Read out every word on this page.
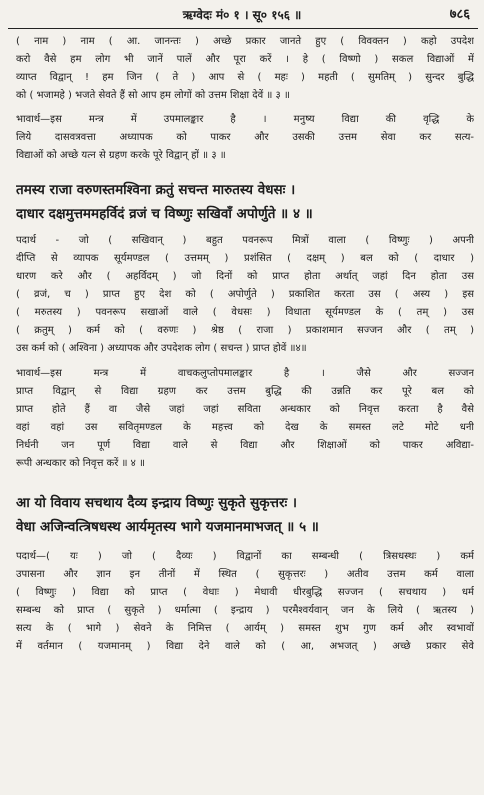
ऋग्वेदः मं० १ । सू० १५६ ॥	७८६
( नाम ) नाम ( आ. जानन्तः ) अच्छे प्रकार जानते हुए ( विवक्तन ) कहो उपदेश
करो वैसे हम लोग भी जानें पालें और पूरा करें । हे ( विष्णो ) सकल विद्याओं में
व्याप्त विद्वान् ! हम जिन ( ते ) आप से ( महः ) महती ( सुमतिम् ) सुन्दर बुद्धि
को ( भजामहे ) भजते सेवते हैं सो आप हम लोगों को उत्तम शिक्षा देवें ॥ ३ ॥
भावार्थ—इस मन्त्र में उपमालङ्कार है । मनुष्य विद्या की वृद्धि के
लिये दासवत्रवत्ता अध्यापक को पाकर और उसकी उत्तम सेवा कर सत्य-
विद्याओं को अच्छे यत्न से ग्रहण करके पूरे विद्वान् हों ॥ ३ ॥
तमस्य राजा वरुणस्तमश्विना क्रतुं सचन्त मारुतस्य वेधसः ।
दाधार दक्षमुत्तममहर्विदं व्रजं च विष्णुः सखिवाँ अपोर्णुते ॥ ४ ॥
पदार्थ - जो ( सखिवान् ) बहुत पवनरूप मित्रों वाला ( विष्णुः ) अपनी
दीप्ति से व्यापक सूर्यमण्डल ( उत्तमम् ) प्रशंसित ( दक्षम् ) बल को ( दाधार )
धारण करे और ( अहर्विदम् ) जो दिनों को प्राप्त होता अर्थात् जहां दिन होता उस
( व्रजं, च ) प्राप्त हुए देश को ( अपोर्णुते ) प्रकाशित करता उस ( अस्य ) इस
( मरुतस्य ) पवनरूप सखाओं वाले ( वेधसः ) विधाता सूर्यमण्डल के ( तम् ) उस
( क्रतुम् ) कर्म को ( वरुणः ) श्रेष्ठ ( राजा ) प्रकाशमान सज्जन और ( तम् )
उस कर्म को ( अश्विना ) अध्यापक और उपदेशक लोग ( सचन्त ) प्राप्त होवें ॥४॥
भावार्थ—इस मन्त्र में वाचकलुप्तोपमालङ्कार है । जैसे और सज्जन
प्राप्त विद्वान् से विद्या ग्रहण कर उत्तम बुद्धि की उन्नति कर पूरे बल को
प्राप्त होते हैं वा जैसे जहां जहां सविता अन्धकार को निवृत्त करता है वैसे
वहां वहां उस सवितृमण्डल के महत्त्व को देख के समस्त लटे मोटे धनी
निर्धनी जन पूर्ण विद्या वाले से विद्या और शिक्षाओं को पाकर अविद्या-
रूपी अन्धकार को निवृत्त करें ॥ ४ ॥
आ यो विवाय सचथाय दैव्य इन्द्राय विष्णुः सुकृते सुकृत्तरः ।
वेधा अजिन्वत्त्रिषधस्थ आर्यमृतस्य भागे यजमानमाभजत् ॥ ५ ॥
पदार्थ—( यः ) जो ( दैव्यः ) विद्वानों का सम्बन्धी ( त्रिसधस्थः ) कर्म
उपासना और ज्ञान इन तीनों में स्थित ( सुकृत्तरः ) अतीव उत्तम कर्म वाला
( विष्णुः ) विद्या को प्राप्त ( वेधाः ) मेधावी धीरबुद्धि सज्जन ( सचथाय ) धर्म
सम्बन्ध को प्राप्त ( सुकृते ) धर्मात्मा ( इन्द्राय ) परमैश्वर्यवान् जन के लिये ( ऋतस्य )
सत्य के ( भागे ) सेवने के निमित्त ( आर्यम् ) समस्त शुभ गुण कर्म और स्वभावों
में वर्तमान ( यजमानम् ) विद्या देने वाले को ( आ, अभजत् ) अच्छे प्रकार सेवे
